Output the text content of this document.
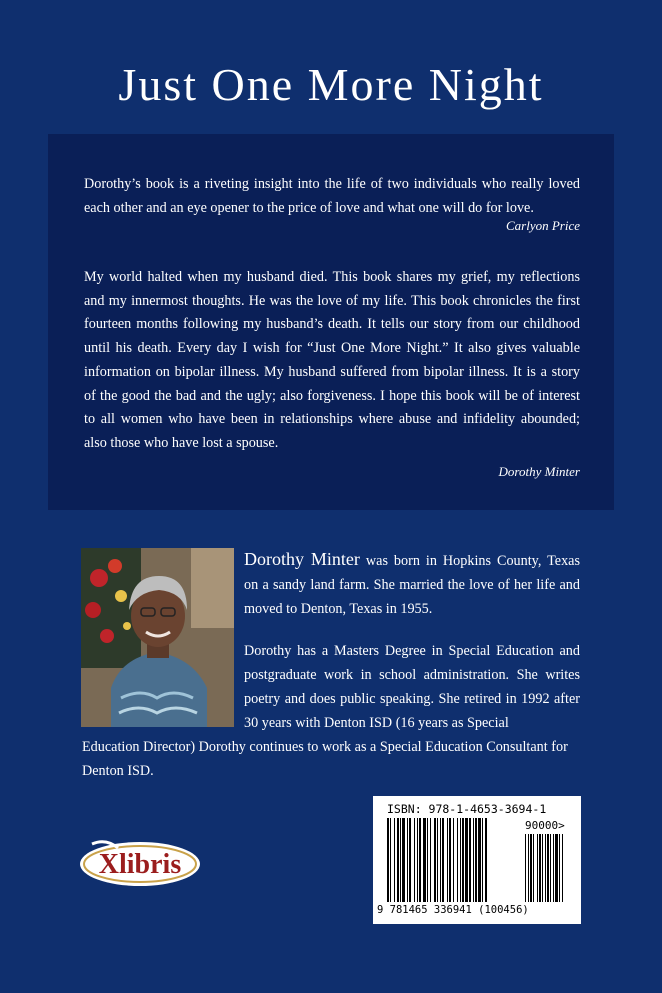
Just One More Night
Dorothy’s book is a riveting insight into the life of two individuals who really loved each other and an eye opener to the price of love and what one will do for love.
Carlyon Price
My world halted when my husband died. This book shares my grief, my reflections and my innermost thoughts. He was the love of my life. This book chronicles the first fourteen months following my husband’s death. It tells our story from our childhood until his death. Every day I wish for “Just One More Night.” It also gives valuable information on bipolar illness. My husband suffered from bipolar illness. It is a story of the good the bad and the ugly; also forgiveness. I hope this book will be of interest to all women who have been in relationships where abuse and infidelity abounded; also those who have lost a spouse.
Dorothy Minter
Dorothy Minter was born in Hopkins County, Texas on a sandy land farm. She married the love of her life and moved to Denton, Texas in 1955.
Dorothy has a Masters Degree in Special Education and postgraduate work in school administration. She writes poetry and does public speaking. She retired in 1992 after 30 years with Denton ISD (16 years as Special
Education Director) Dorothy continues to work as a Special Education Consultant for Denton ISD.
ISBN: 978-1-4653-3694-1
90000>
9 781465 336941 (100456)
Xlibris
